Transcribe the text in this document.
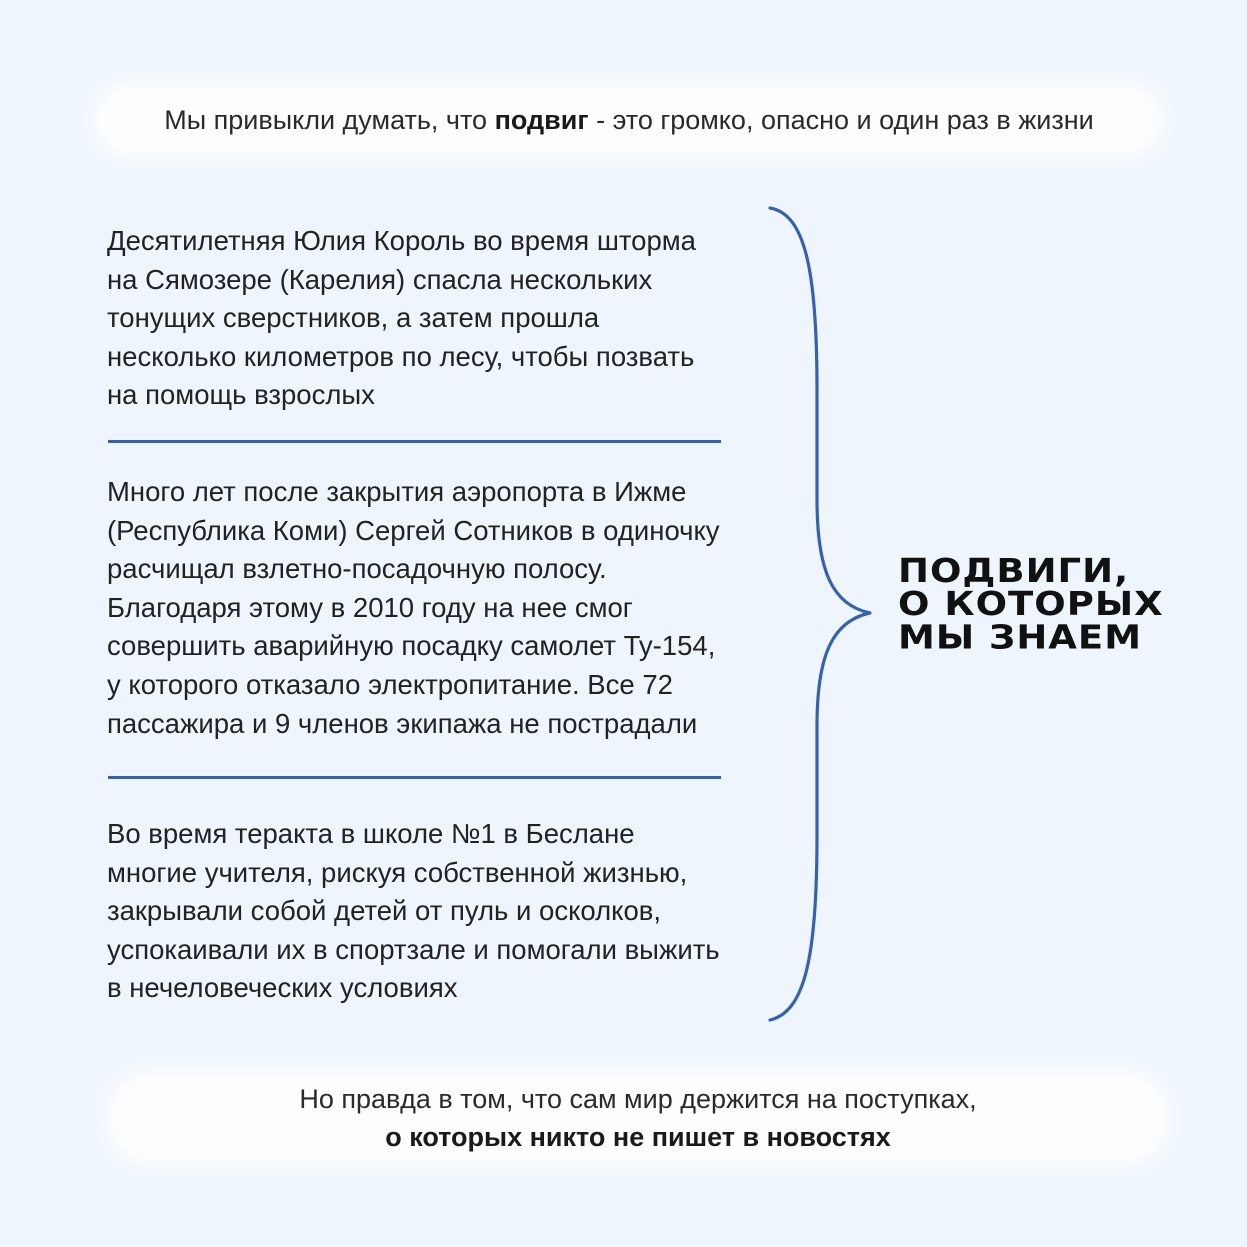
Мы привыкли думать, что подвиг - это громко, опасно и один раз в жизни

Десятилетняя Юлия Король во время шторма

на Сямозере (Карелия) спасла нескольких

тонущих сверстников, а затем прошла

несколько километров по лесу, чтобы позвать

на помощь взрослых

Много лет после закрытия аэропорта в Ижме

(Республика Коми) Сергей Сотников в одиночку

расчищал взлетно-посадочную полосу.

Благодаря этому в 2010 году на нее смог

совершить аварийную посадку самолет Ту-154,

у которого отказало электропитание. Все 72

пассажира и 9 членов экипажа не пострадали

Во время теракта в школе №1 в Беслане

многие учителя, рискуя собственной жизнью,

закрывали собой детей от пуль и осколков,

успокаивали их в спортзале и помогали выжить

в нечеловеческих условиях

ПОДВИГИ,
О КОТОРЫХ
МЫ ЗНАЕМ
Но правда в том, что сам мир держится на поступках,
о которых никто не пишет в новостях
